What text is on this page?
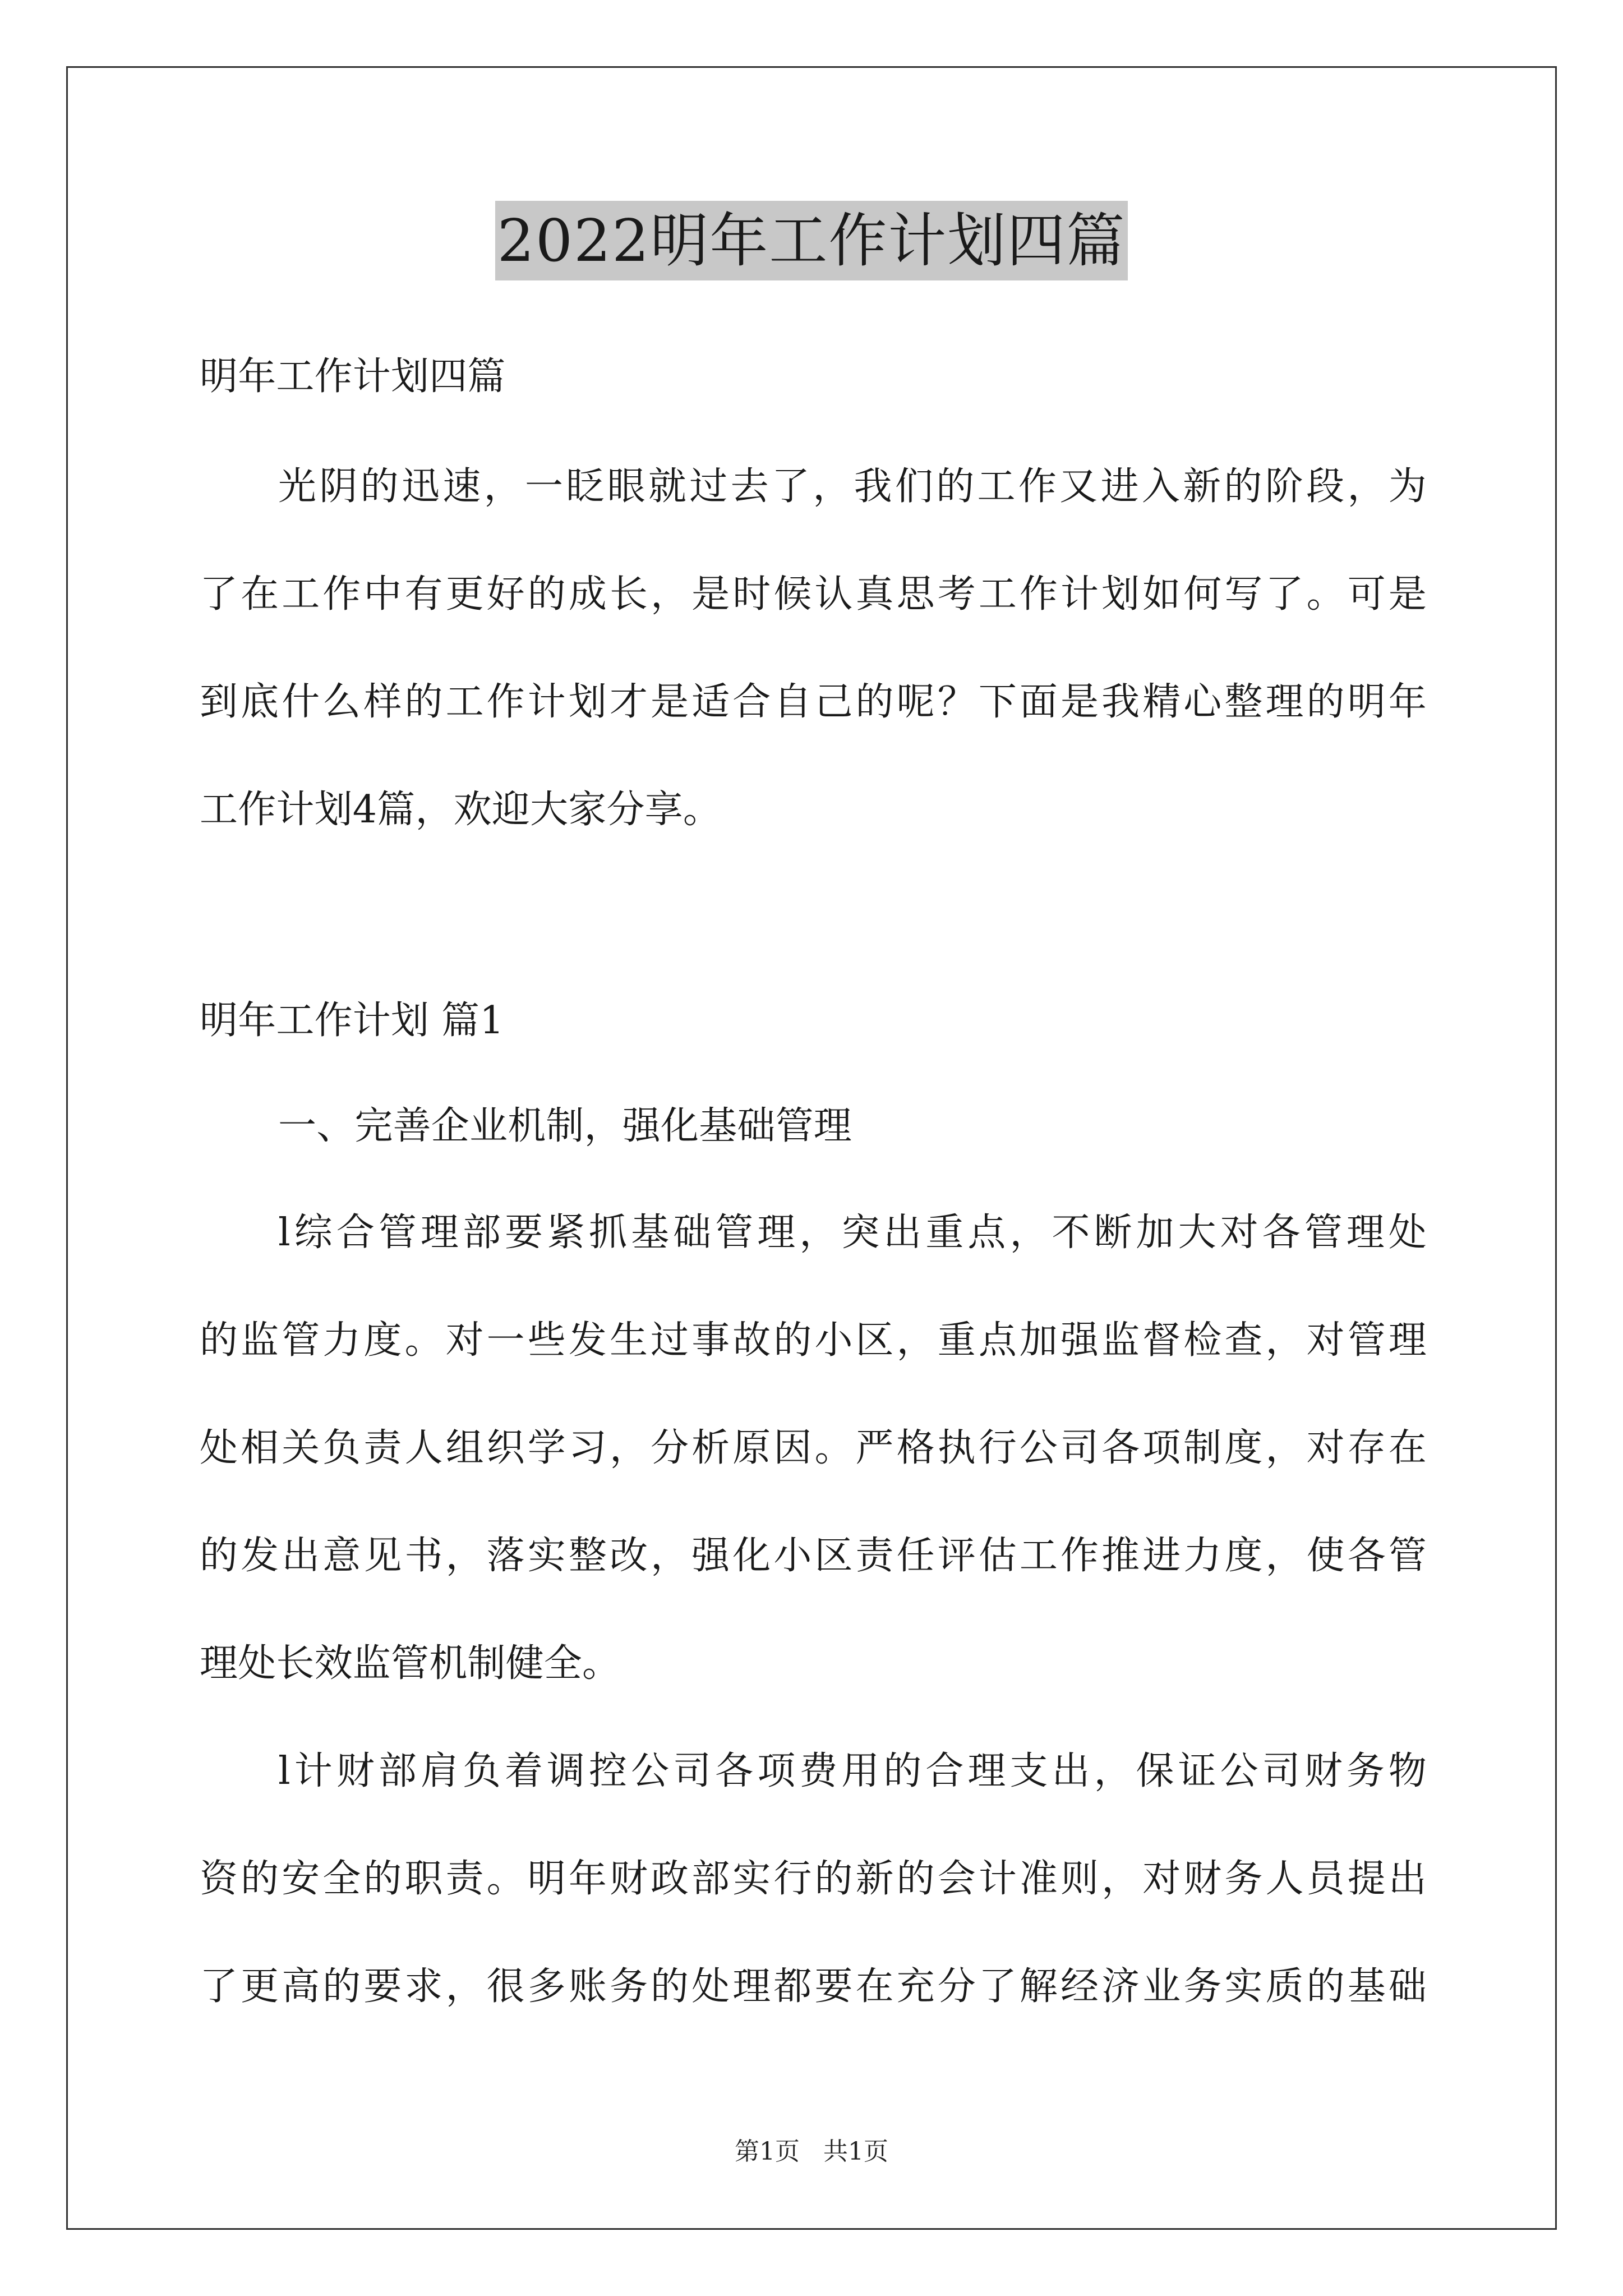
2022明年工作计划四篇
明年工作计划四篇
光阴的迅速，一眨眼就过去了，我们的工作又进入新的阶段，为
了在工作中有更好的成长，是时候认真思考工作计划如何写了。可是
到底什么样的工作计划才是适合自己的呢？下面是我精心整理的明年
工作计划4篇，欢迎大家分享。
明年工作计划 篇1
一、完善企业机制，强化基础管理
l综合管理部要紧抓基础管理，突出重点，不断加大对各管理处
的监管力度。对一些发生过事故的小区，重点加强监督检查，对管理
处相关负责人组织学习，分析原因。严格执行公司各项制度，对存在
的发出意见书，落实整改，强化小区责任评估工作推进力度，使各管
理处长效监管机制健全。
l计财部肩负着调控公司各项费用的合理支出，保证公司财务物
资的安全的职责。明年财政部实行的新的会计准则，对财务人员提出
了更高的要求，很多账务的处理都要在充分了解经济业务实质的基础
第1页 共1页
